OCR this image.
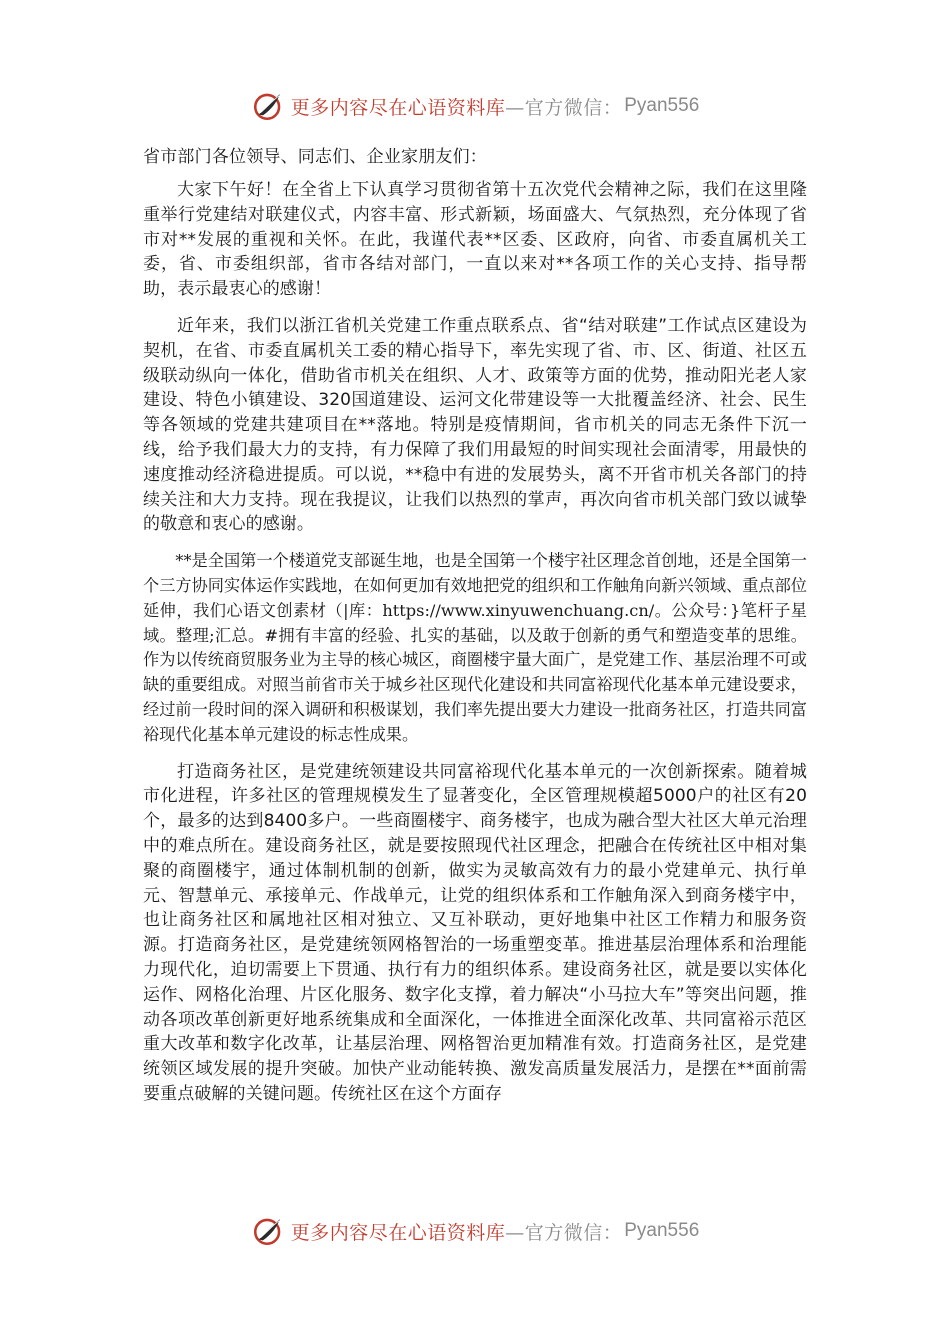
更多内容尽在心语资料库—官方微信： Pyan556

省市部门各位领导、同志们、企业家朋友们：

大家下午好！在全省上下认真学习贯彻省第十五次党代会精神之际，我们在这里隆重举行党建结对联建仪式，内容丰富、形式新颖，场面盛大、气氛热烈，充分体现了省市对**发展的重视和关怀。在此，我谨代表**区委、区政府，向省、市委直属机关工委，省、市委组织部，省市各结对部门，一直以来对**各项工作的关心支持、指导帮助，表示最衷心的感谢！

近年来，我们以浙江省机关党建工作重点联系点、省“结对联建”工作试点区建设为契机，在省、市委直属机关工委的精心指导下，率先实现了省、市、区、街道、社区五级联动纵向一体化，借助省市机关在组织、人才、政策等方面的优势，推动阳光老人家建设、特色小镇建设、320国道建设、运河文化带建设等一大批覆盖经济、社会、民生等各领域的党建共建项目在**落地。特别是疫情期间，省市机关的同志无条件下沉一线，给予我们最大力的支持，有力保障了我们用最短的时间实现社会面清零，用最快的速度推动经济稳进提质。可以说，**稳中有进的发展势头，离不开省市机关各部门的持续关注和大力支持。现在我提议，让我们以热烈的掌声，再次向省市机关部门致以诚挚的敬意和衷心的感谢。

**是全国第一个楼道党支部诞生地，也是全国第一个楼宇社区理念首创地，还是全国第一个三方协同实体运作实践地，在如何更加有效地把党的组织和工作触角向新兴领域、重点部位延伸，我们心语文创素材（|库：https://www.xinyuwenchuang.cn/。公众号：}笔杆子星域。整理;汇总。#拥有丰富的经验、扎实的基础，以及敢于创新的勇气和塑造变革的思维。作为以传统商贸服务业为主导的核心城区，商圈楼宇量大面广，是党建工作、基层治理不可或缺的重要组成。对照当前省市关于城乡社区现代化建设和共同富裕现代化基本单元建设要求，经过前一段时间的深入调研和积极谋划，我们率先提出要大力建设一批商务社区，打造共同富裕现代化基本单元建设的标志性成果。

打造商务社区，是党建统领建设共同富裕现代化基本单元的一次创新探索。随着城市化进程，许多社区的管理规模发生了显著变化，全区管理规模超5000户的社区有20个，最多的达到8400多户。一些商圈楼宇、商务楼宇，也成为融合型大社区大单元治理中的难点所在。建设商务社区，就是要按照现代社区理念，把融合在传统社区中相对集聚的商圈楼宇，通过体制机制的创新，做实为灵敏高效有力的最小党建单元、执行单元、智慧单元、承接单元、作战单元，让党的组织体系和工作触角深入到商务楼宇中，也让商务社区和属地社区相对独立、又互补联动，更好地集中社区工作精力和服务资源。打造商务社区，是党建统领网格智治的一场重塑变革。推进基层治理体系和治理能力现代化，迫切需要上下贯通、执行有力的组织体系。建设商务社区，就是要以实体化运作、网格化治理、片区化服务、数字化支撑，着力解决“小马拉大车”等突出问题，推动各项改革创新更好地系统集成和全面深化，一体推进全面深化改革、共同富裕示范区重大改革和数字化改革，让基层治理、网格智治更加精准有效。打造商务社区，是党建统领区域发展的提升突破。加快产业动能转换、激发高质量发展活力，是摆在**面前需要重点破解的关键问题。传统社区在这个方面存

更多内容尽在心语资料库—官方微信： Pyan556
